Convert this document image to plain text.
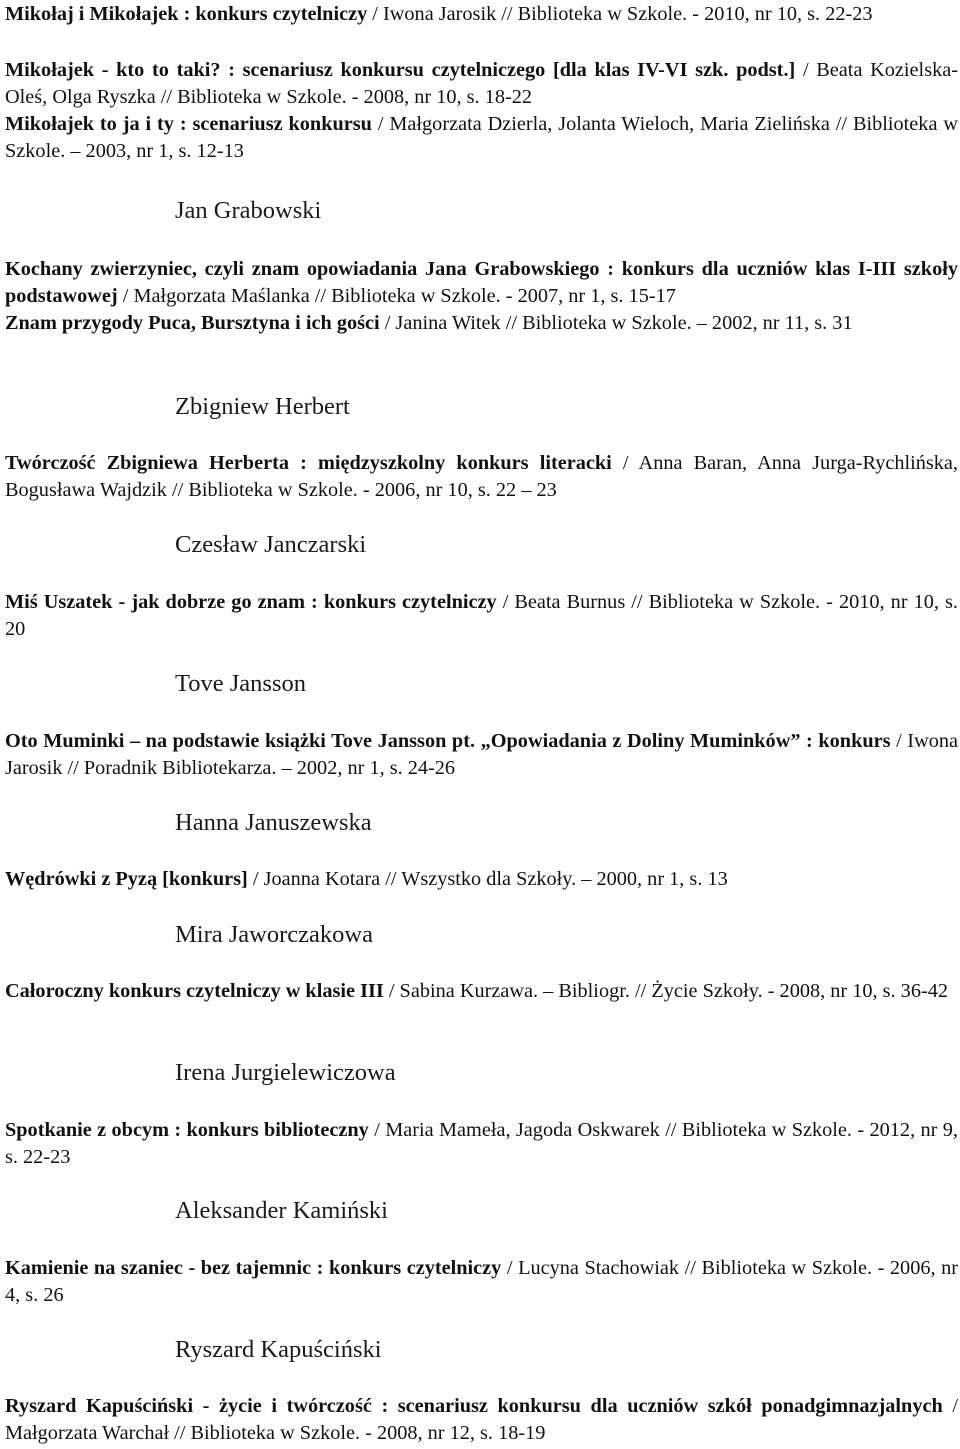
Mikołaj i Mikołajek : konkurs czytelniczy / Iwona Jarosik // Biblioteka w Szkole. - 2010, nr 10, s. 22-23

Mikołajek - kto to taki? : scenariusz konkursu czytelniczego [dla klas IV-VI szk. podst.] / Beata Kozielska-Oleś, Olga Ryszka // Biblioteka w Szkole. - 2008, nr 10, s. 18-22

Mikołajek to ja i ty : scenariusz konkursu / Małgorzata Dzierla, Jolanta Wieloch, Maria Zielińska // Biblioteka w Szkole. – 2003, nr 1, s. 12-13

Jan Grabowski

Kochany zwierzyniec, czyli znam opowiadania Jana Grabowskiego : konkurs dla uczniów klas I-III szkoły podstawowej / Małgorzata Maślanka // Biblioteka w Szkole. - 2007, nr 1, s. 15-17

Znam przygody Puca, Bursztyna i ich gości / Janina Witek // Biblioteka w Szkole. – 2002, nr 11, s. 31

Zbigniew Herbert

Twórczość Zbigniewa Herberta : międzyszkolny konkurs literacki / Anna Baran, Anna Jurga-Rychlińska, Bogusława Wajdzik // Biblioteka w Szkole. - 2006, nr 10, s. 22 – 23

Czesław Janczarski

Miś Uszatek - jak dobrze go znam : konkurs czytelniczy / Beata Burnus // Biblioteka w Szkole. - 2010, nr 10, s. 20

Tove Jansson

Oto Muminki – na podstawie książki Tove Jansson pt. „Opowiadania z Doliny Muminków” : konkurs / Iwona Jarosik // Poradnik Bibliotekarza. – 2002, nr 1, s. 24-26

Hanna Januszewska

Wędrówki z Pyzą [konkurs] / Joanna Kotara // Wszystko dla Szkoły. – 2000, nr 1, s. 13

Mira Jaworczakowa

Całoroczny konkurs czytelniczy w klasie III / Sabina Kurzawa. – Bibliogr. // Życie Szkoły. - 2008, nr 10, s. 36-42

Irena Jurgielewiczowa

Spotkanie z obcym : konkurs biblioteczny / Maria Mameła, Jagoda Oskwarek // Biblioteka w Szkole. - 2012, nr 9, s. 22-23

Aleksander Kamiński

Kamienie na szaniec - bez tajemnic : konkurs czytelniczy / Lucyna Stachowiak // Biblioteka w Szkole. - 2006, nr 4, s. 26

Ryszard Kapuściński

Ryszard Kapuściński - życie i twórczość : scenariusz konkursu dla uczniów szkół ponadgimnazjalnych / Małgorzata Warchał // Biblioteka w Szkole. - 2008, nr 12, s. 18-19
